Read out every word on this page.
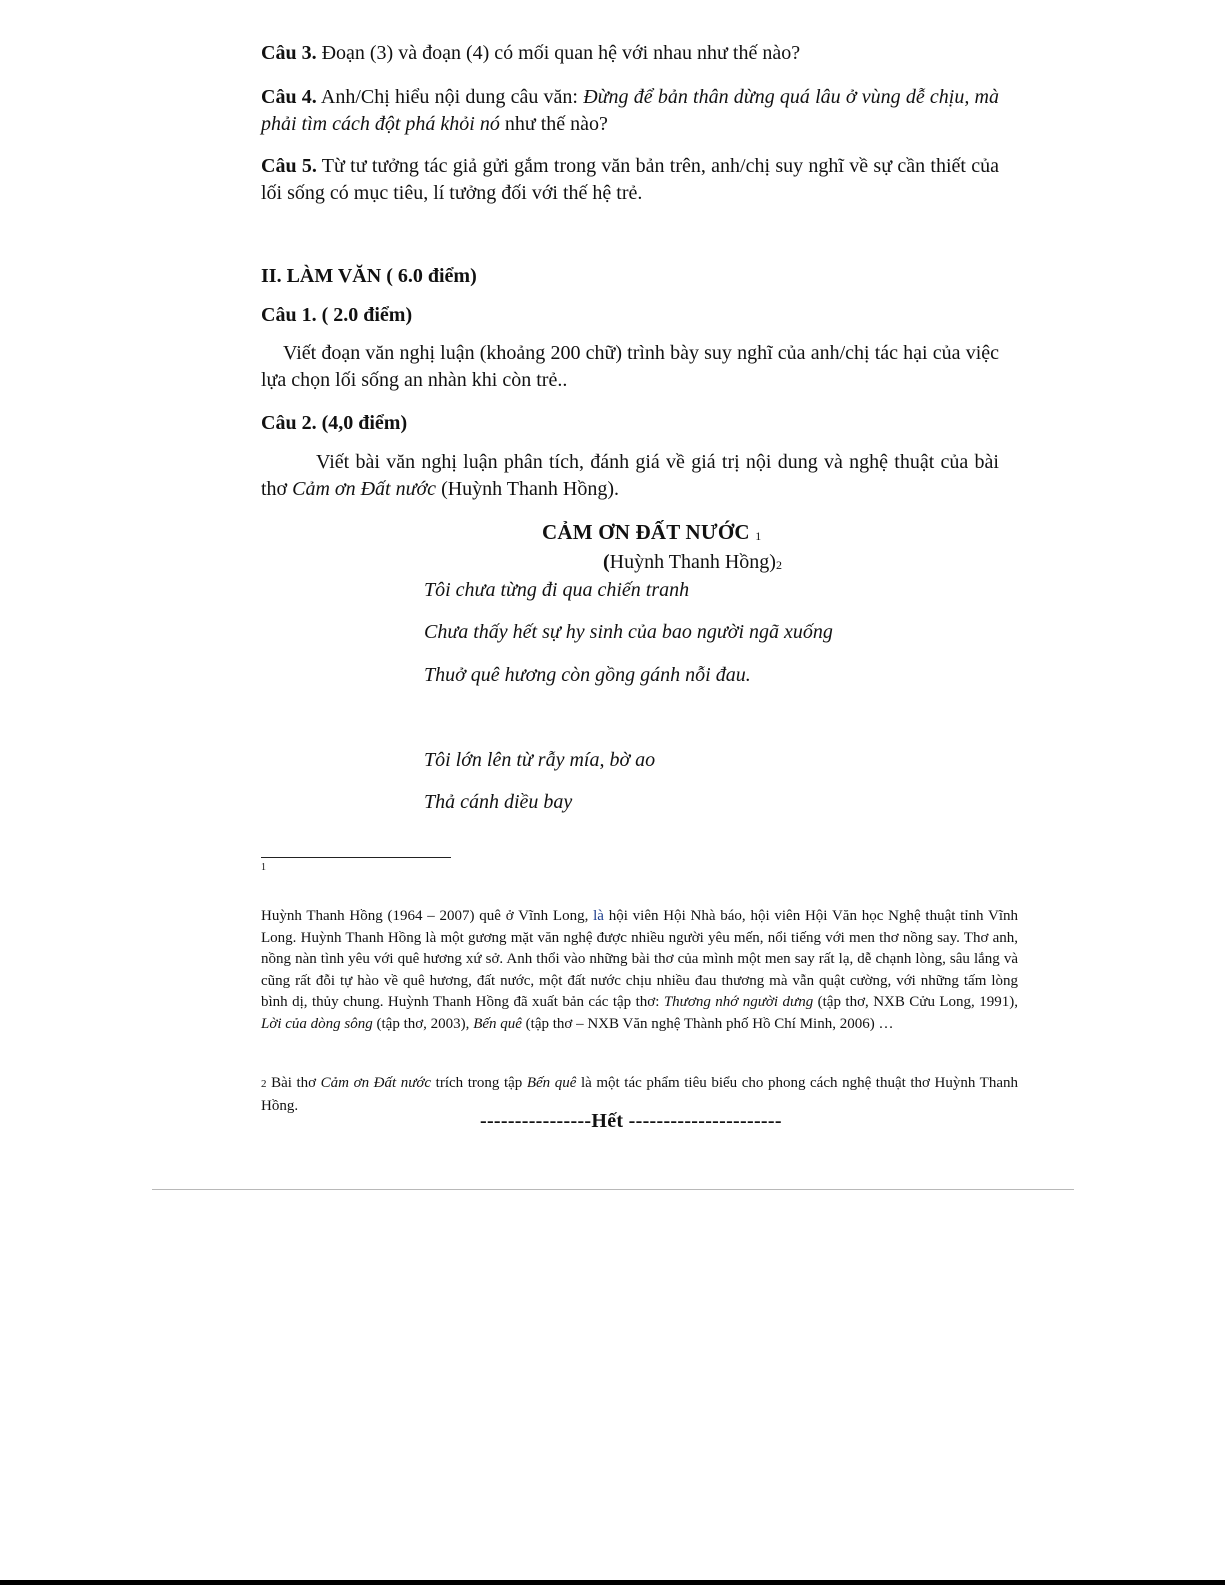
Câu 3. Đoạn (3) và đoạn (4) có mối quan hệ với nhau như thế nào?

Câu 4. Anh/Chị hiểu nội dung câu văn: Đừng để bản thân dừng quá lâu ở vùng dễ chịu, mà phải tìm cách đột phá khỏi nó như thế nào?

Câu 5. Từ tư tưởng tác giả gửi gắm trong văn bản trên, anh/chị suy nghĩ về sự cần thiết của lối sống có mục tiêu, lí tưởng đối với thế hệ trẻ.

II. LÀM VĂN ( 6.0 điểm)

Câu 1. ( 2.0 điểm)

Viết đoạn văn nghị luận (khoảng 200 chữ) trình bày suy nghĩ của anh/chị tác hại của việc lựa chọn lối sống an nhàn khi còn trẻ..

Câu 2. (4,0 điểm)

Viết bài văn nghị luận phân tích, đánh giá về giá trị nội dung và nghệ thuật của bài thơ Cảm ơn Đất nước (Huỳnh Thanh Hồng).

CẢM ƠN ĐẤT NƯỚC 1

(Huỳnh Thanh Hồng)2

Tôi chưa từng đi qua chiến tranh

Chưa thấy hết sự hy sinh của bao người ngã xuống

Thuở quê hương còn gồng gánh nỗi đau.

Tôi lớn lên từ rẫy mía, bờ ao

Thả cánh diều bay

1

Huỳnh Thanh Hồng (1964 – 2007) quê ở Vĩnh Long, là hội viên Hội Nhà báo, hội viên Hội Văn học Nghệ thuật tỉnh Vĩnh Long. Huỳnh Thanh Hồng là một gương mặt văn nghệ được nhiều người yêu mến, nổi tiếng với men thơ nồng say. Thơ anh, nồng nàn tình yêu với quê hương xứ sở. Anh thổi vào những bài thơ của mình một men say rất lạ, dễ chạnh lòng, sâu lắng và cũng rất đỗi tự hào về quê hương, đất nước, một đất nước chịu nhiều đau thương mà vẫn quật cường, với những tấm lòng bình dị, thủy chung. Huỳnh Thanh Hồng đã xuất bản các tập thơ: Thương nhớ người dưng (tập thơ, NXB Cửu Long, 1991), Lời của dòng sông (tập thơ, 2003), Bến quê (tập thơ – NXB Văn nghệ Thành phố Hồ Chí Minh, 2006) …

2 Bài thơ Cảm ơn Đất nước trích trong tập Bến quê là một tác phẩm tiêu biểu cho phong cách nghệ thuật thơ Huỳnh Thanh Hồng.

----------------Hết ----------------------
